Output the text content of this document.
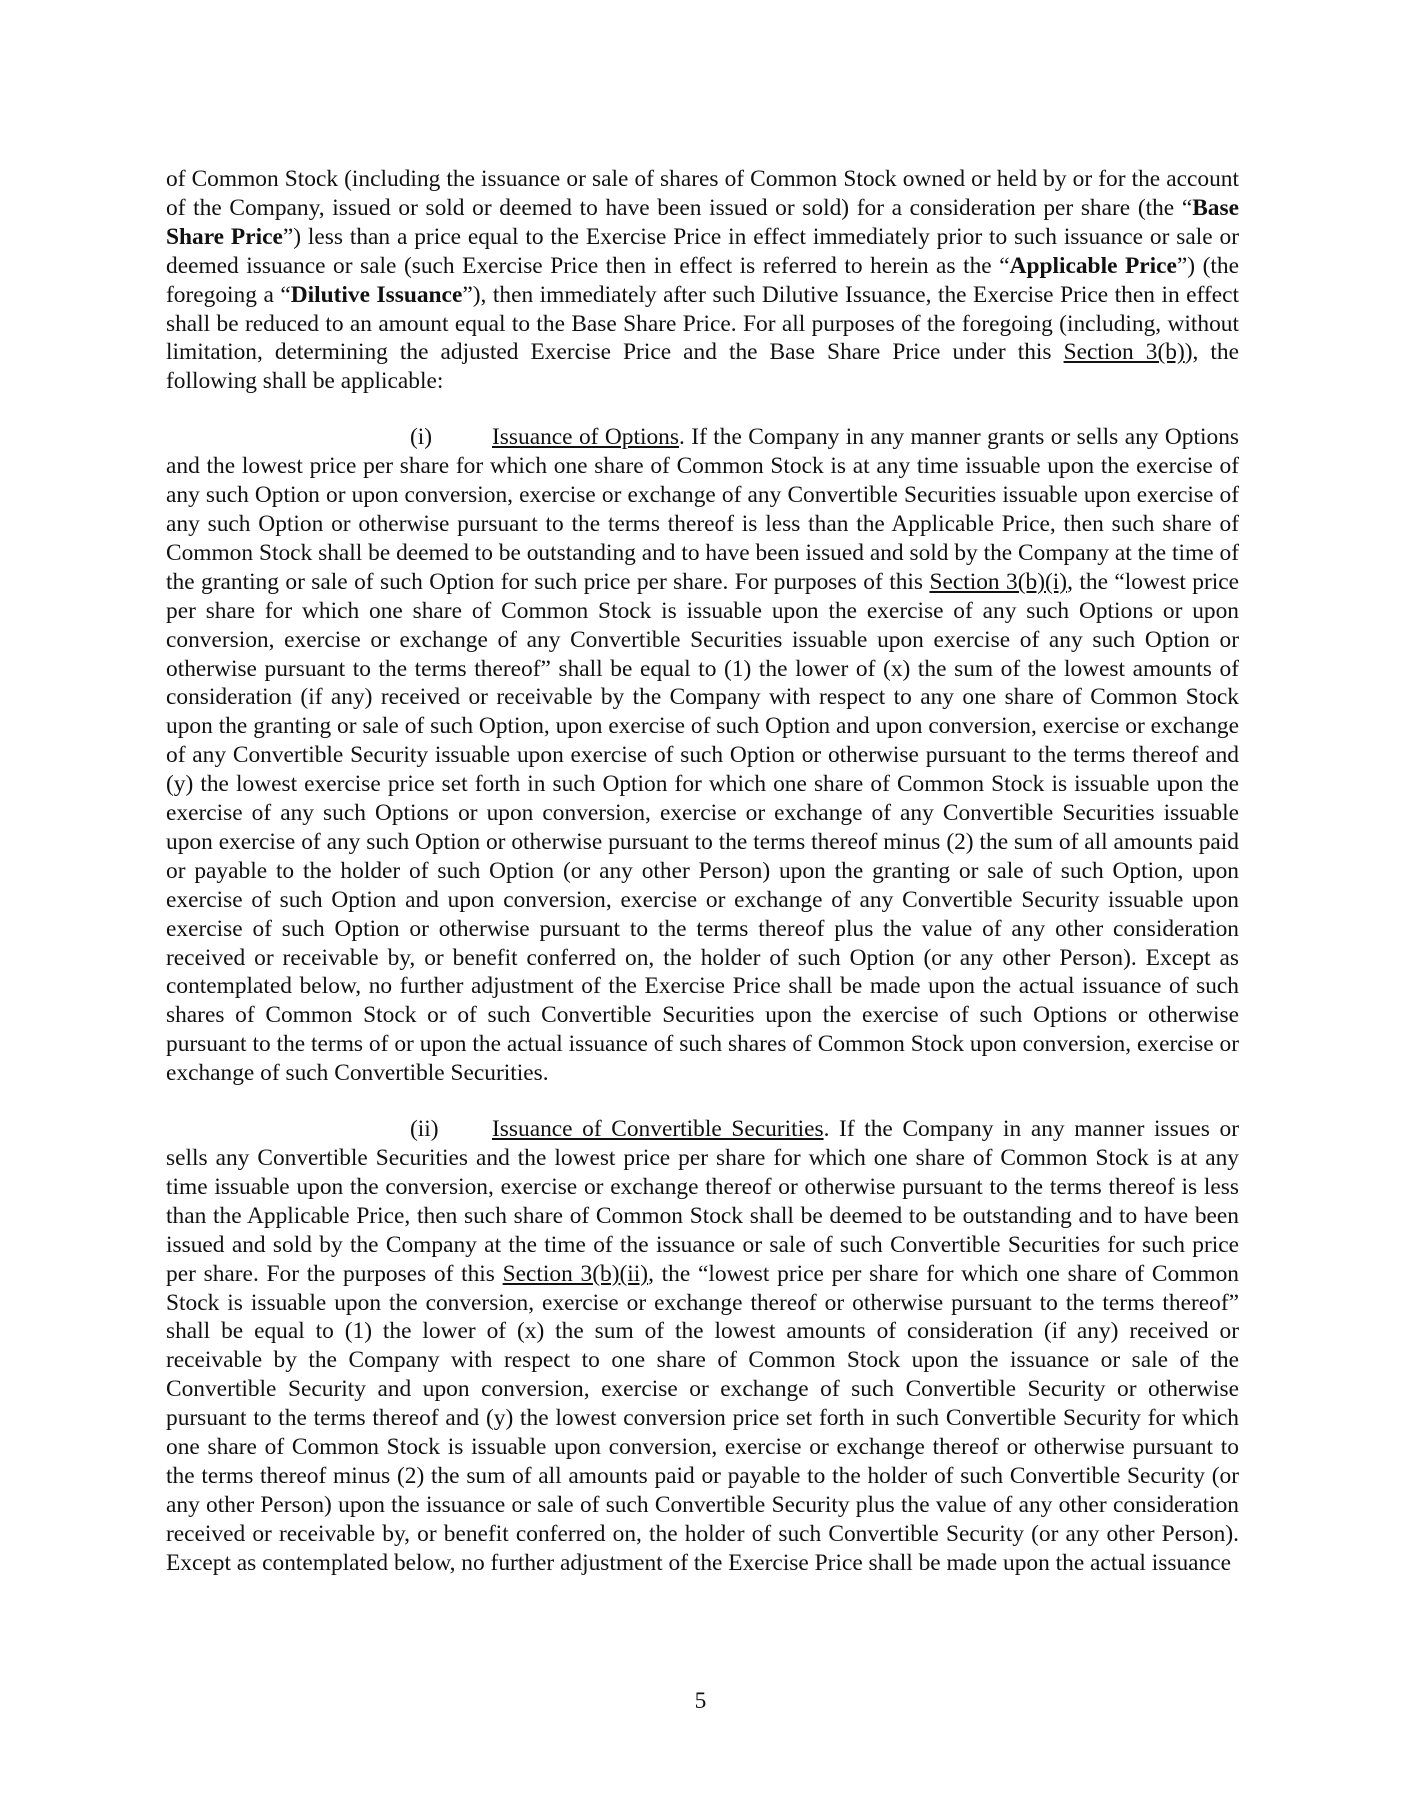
of Common Stock (including the issuance or sale of shares of Common Stock owned or held by or for the account of the Company, issued or sold or deemed to have been issued or sold) for a consideration per share (the “Base Share Price”) less than a price equal to the Exercise Price in effect immediately prior to such issuance or sale or deemed issuance or sale (such Exercise Price then in effect is referred to herein as the “Applicable Price”) (the foregoing a “Dilutive Issuance”), then immediately after such Dilutive Issuance, the Exercise Price then in effect shall be reduced to an amount equal to the Base Share Price. For all purposes of the foregoing (including, without limitation, determining the adjusted Exercise Price and the Base Share Price under this Section 3(b)), the following shall be applicable:

(i)	Issuance of Options. If the Company in any manner grants or sells any Options and the lowest price per share for which one share of Common Stock is at any time issuable upon the exercise of any such Option or upon conversion, exercise or exchange of any Convertible Securities issuable upon exercise of any such Option or otherwise pursuant to the terms thereof is less than the Applicable Price, then such share of Common Stock shall be deemed to be outstanding and to have been issued and sold by the Company at the time of the granting or sale of such Option for such price per share. For purposes of this Section 3(b)(i), the “lowest price per share for which one share of Common Stock is issuable upon the exercise of any such Options or upon conversion, exercise or exchange of any Convertible Securities issuable upon exercise of any such Option or otherwise pursuant to the terms thereof” shall be equal to (1) the lower of (x) the sum of the lowest amounts of consideration (if any) received or receivable by the Company with respect to any one share of Common Stock upon the granting or sale of such Option, upon exercise of such Option and upon conversion, exercise or exchange of any Convertible Security issuable upon exercise of such Option or otherwise pursuant to the terms thereof and (y) the lowest exercise price set forth in such Option for which one share of Common Stock is issuable upon the exercise of any such Options or upon conversion, exercise or exchange of any Convertible Securities issuable upon exercise of any such Option or otherwise pursuant to the terms thereof minus (2) the sum of all amounts paid or payable to the holder of such Option (or any other Person) upon the granting or sale of such Option, upon exercise of such Option and upon conversion, exercise or exchange of any Convertible Security issuable upon exercise of such Option or otherwise pursuant to the terms thereof plus the value of any other consideration received or receivable by, or benefit conferred on, the holder of such Option (or any other Person). Except as contemplated below, no further adjustment of the Exercise Price shall be made upon the actual issuance of such shares of Common Stock or of such Convertible Securities upon the exercise of such Options or otherwise pursuant to the terms of or upon the actual issuance of such shares of Common Stock upon conversion, exercise or exchange of such Convertible Securities.

(ii) Issuance of Convertible Securities. If the Company in any manner issues or sells any Convertible Securities and the lowest price per share for which one share of Common Stock is at any time issuable upon the conversion, exercise or exchange thereof or otherwise pursuant to the terms thereof is less than the Applicable Price, then such share of Common Stock shall be deemed to be outstanding and to have been issued and sold by the Company at the time of the issuance or sale of such Convertible Securities for such price per share. For the purposes of this Section 3(b)(ii), the “lowest price per share for which one share of Common Stock is issuable upon the conversion, exercise or exchange thereof or otherwise pursuant to the terms thereof” shall be equal to (1) the lower of (x) the sum of the lowest amounts of consideration (if any) received or receivable by the Company with respect to one share of Common Stock upon the issuance or sale of the Convertible Security and upon conversion, exercise or exchange of such Convertible Security or otherwise pursuant to the terms thereof and (y) the lowest conversion price set forth in such Convertible Security for which one share of Common Stock is issuable upon conversion, exercise or exchange thereof or otherwise pursuant to the terms thereof minus (2) the sum of all amounts paid or payable to the holder of such Convertible Security (or any other Person) upon the issuance or sale of such Convertible Security plus the value of any other consideration received or receivable by, or benefit conferred on, the holder of such Convertible Security (or any other Person). Except as contemplated below, no further adjustment of the Exercise Price shall be made upon the actual issuance

5
